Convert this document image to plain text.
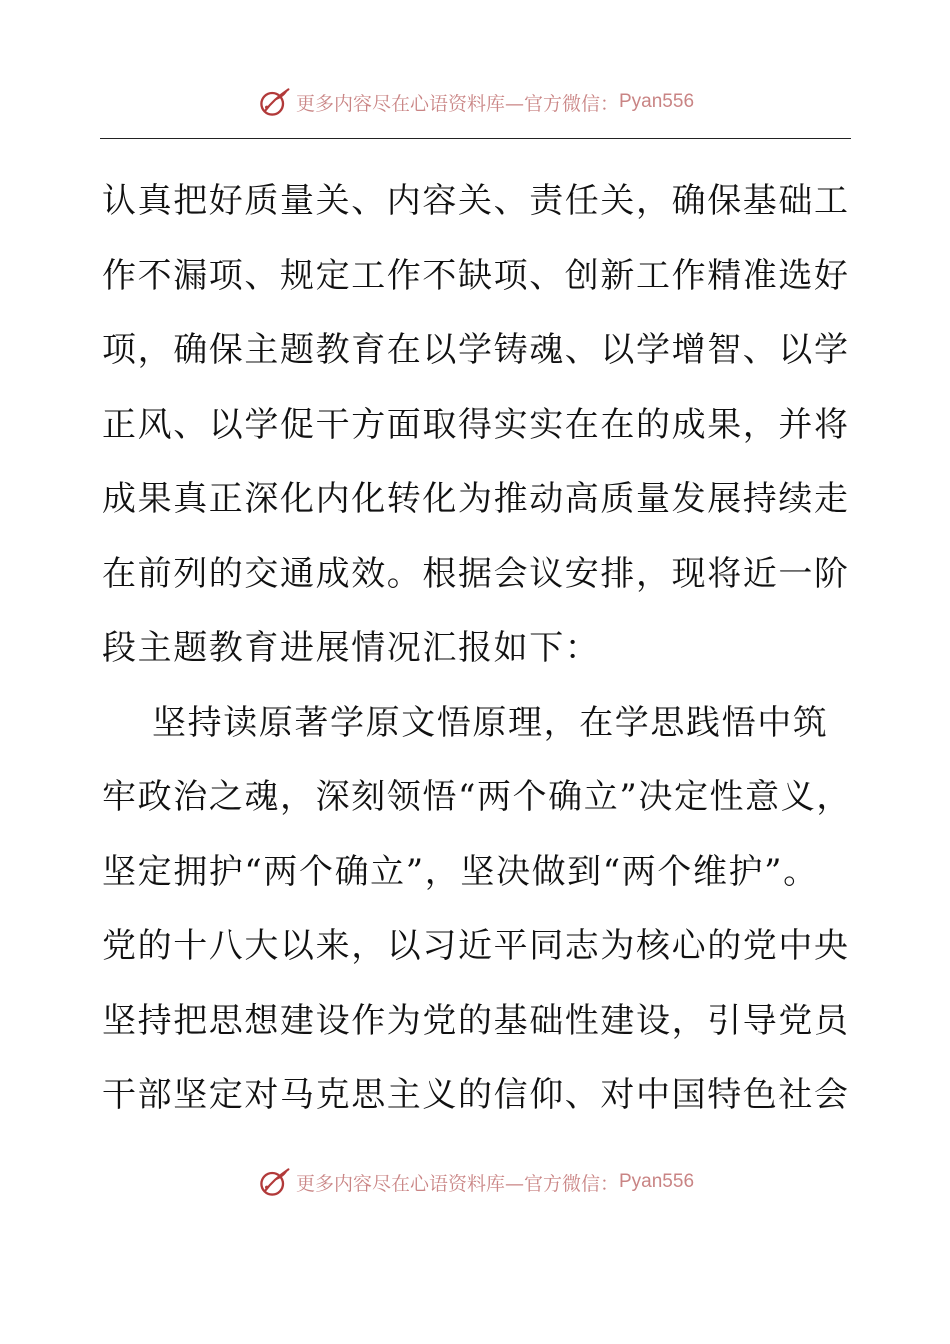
更多内容尽在心语资料库—官方微信： Pyan556
认真把好质量关、内容关、责任关，确保基础工
作不漏项、规定工作不缺项、创新工作精准选好
项，确保主题教育在以学铸魂、以学增智、以学
正风、以学促干方面取得实实在在的成果，并将
成果真正深化内化转化为推动高质量发展持续走
在前列的交通成效。根据会议安排，现将近一阶
段主题教育进展情况汇报如下：
坚持读原著学原文悟原理，在学思践悟中筑
牢政治之魂，深刻领悟“两个确立”决定性意义，
坚定拥护“两个确立”，坚决做到“两个维护”。
党的十八大以来，以习近平同志为核心的党中央
坚持把思想建设作为党的基础性建设，引导党员
干部坚定对马克思主义的信仰、对中国特色社会
更多内容尽在心语资料库—官方微信： Pyan556
